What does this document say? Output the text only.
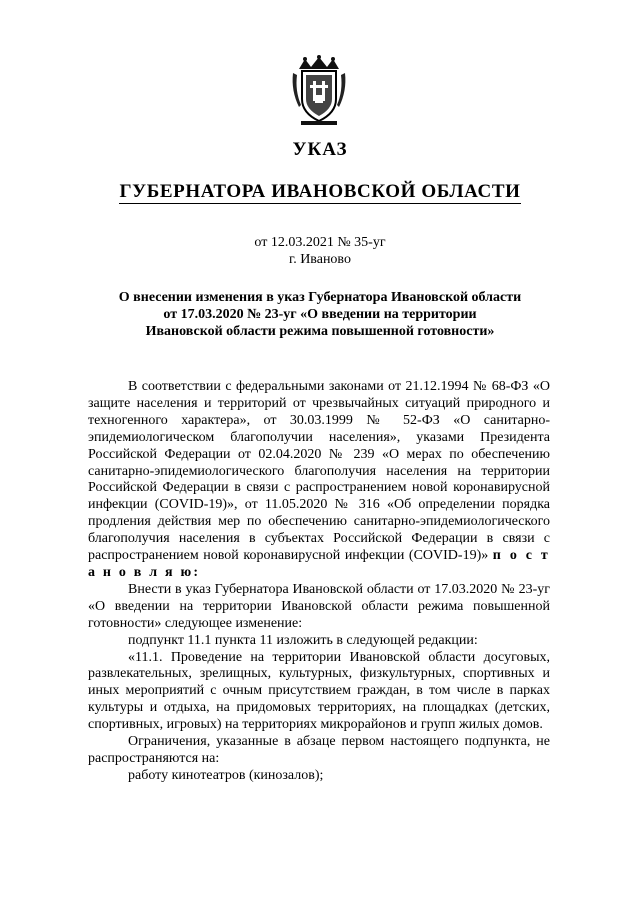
УКАЗ
ГУБЕРНАТОРА ИВАНОВСКОЙ ОБЛАСТИ
от 12.03.2021 № 35-уг
г. Иваново
О внесении изменения в указ Губернатора Ивановской области
от 17.03.2020 № 23-уг «О введении на территории
Ивановской области режима повышенной готовности»

В соответствии с федеральными законами от 21.12.1994 № 68-ФЗ «О защите населения и территорий от чрезвычайных ситуаций природного и техногенного характера», от 30.03.1999 № 52-ФЗ «О санитарно-эпидемиологическом благополучии населения», указами Президента Российской Федерации от 02.04.2020 № 239 «О мерах по обеспечению санитарно-эпидемиологического благополучия населения на территории Российской Федерации в связи с распространением новой коронавирусной инфекции (COVID-19)», от 11.05.2020 № 316 «Об определении порядка продления действия мер по обеспечению санитарно-эпидемиологического благополучия населения в субъектах Российской Федерации в связи с распространением новой коронавирусной инфекции (COVID-19)» п о с т а н о в л я ю:

Внести в указ Губернатора Ивановской области от 17.03.2020 № 23-уг «О введении на территории Ивановской области режима повышенной готовности» следующее изменение:

подпункт 11.1 пункта 11 изложить в следующей редакции:

«11.1. Проведение на территории Ивановской области досуговых, развлекательных, зрелищных, культурных, физкультурных, спортивных и иных мероприятий с очным присутствием граждан, в том числе в парках культуры и отдыха, на придомовых территориях, на площадках (детских, спортивных, игровых) на территориях микрорайонов и групп жилых домов.

Ограничения, указанные в абзаце первом настоящего подпункта, не распространяются на:

работу кинотеатров (кинозалов);
